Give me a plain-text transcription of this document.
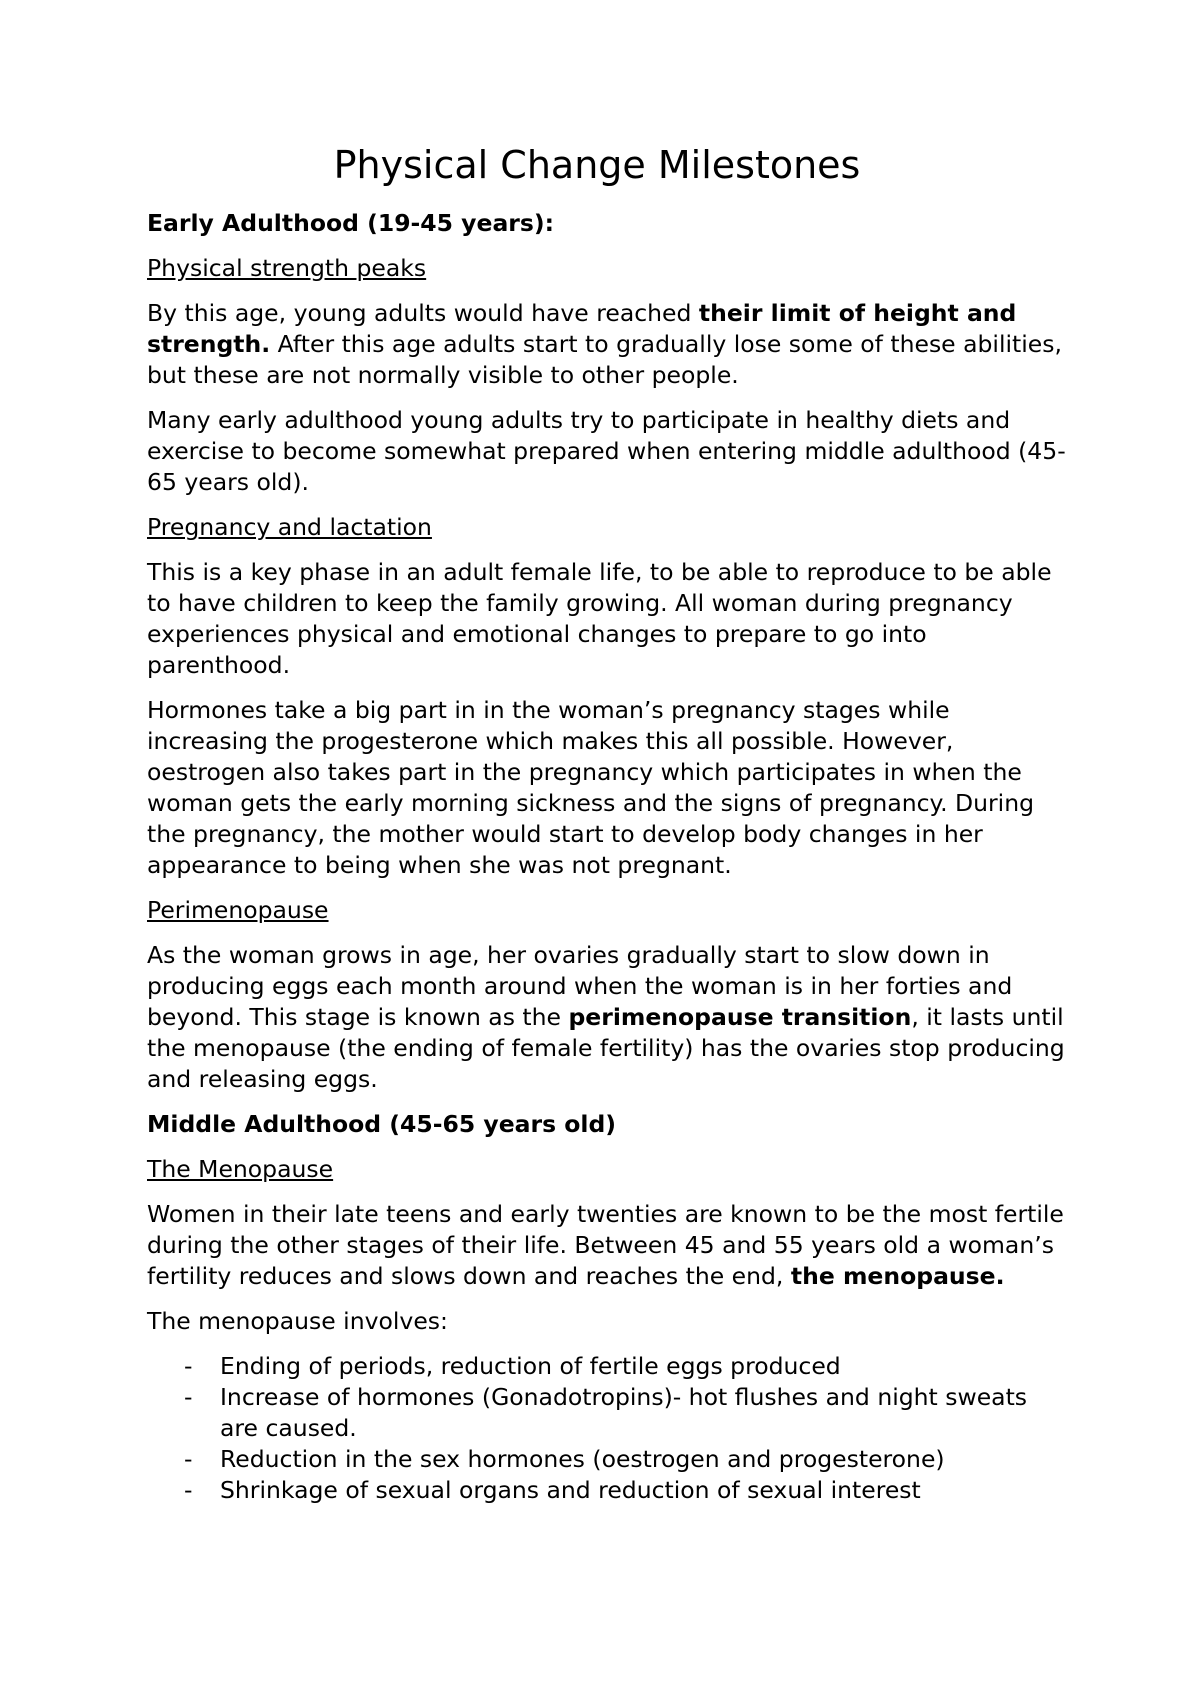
Physical Change Milestones
Early Adulthood (19-45 years):
Physical strength peaks

By this age, young adults would have reached their limit of height and strength. After this age adults start to gradually lose some of these abilities, but these are not normally visible to other people.

Many early adulthood young adults try to participate in healthy diets and exercise to become somewhat prepared when entering middle adulthood (45-65 years old).

Pregnancy and lactation

This is a key phase in an adult female life, to be able to reproduce to be able to have children to keep the family growing. All woman during pregnancy experiences physical and emotional changes to prepare to go into parenthood.

Hormones take a big part in in the woman’s pregnancy stages while increasing the progesterone which makes this all possible. However, oestrogen also takes part in the pregnancy which participates in when the woman gets the early morning sickness and the signs of pregnancy. During the pregnancy, the mother would start to develop body changes in her appearance to being when she was not pregnant.

Perimenopause

As the woman grows in age, her ovaries gradually start to slow down in producing eggs each month around when the woman is in her forties and beyond. This stage is known as the perimenopause transition, it lasts until the menopause (the ending of female fertility) has the ovaries stop producing and releasing eggs.

Middle Adulthood (45-65 years old)
The Menopause

Women in their late teens and early twenties are known to be the most fertile during the other stages of their life. Between 45 and 55 years old a woman’s fertility reduces and slows down and reaches the end, the menopause.

The menopause involves:

- Ending of periods, reduction of fertile eggs produced
- Increase of hormones (Gonadotropins)- hot flushes and night sweats are caused.
- Reduction in the sex hormones (oestrogen and progesterone)
- Shrinkage of sexual organs and reduction of sexual interest
